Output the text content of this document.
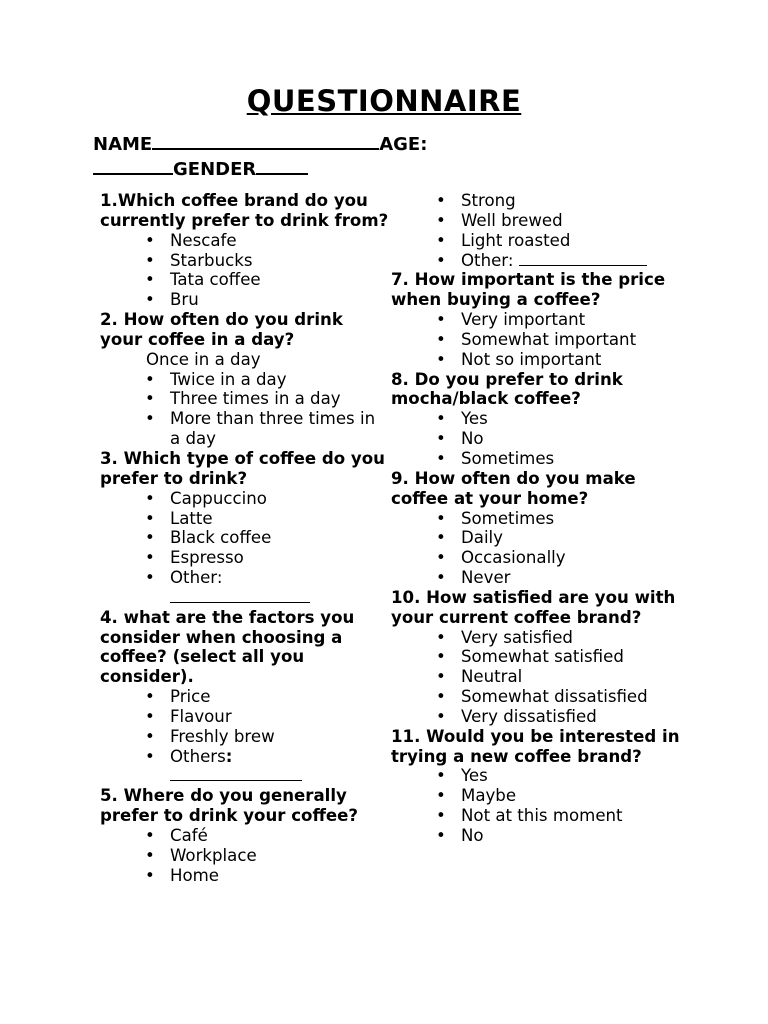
QUESTIONNAIRE
NAME	AGE:
GENDER
1.Which coffee brand do you currently prefer to drink from?
• Nescafe
• Starbucks
• Tata coffee
• Bru
2. How often do you drink your coffee in a day?
Once in a day
• Twice in a day
• Three times in a day
• More than three times in a day
3. Which type of coffee do you prefer to drink?
• Cappuccino
• Latte
• Black coffee
• Espresso
• Other:

4. what are the factors you consider when choosing a coffee? (select all you consider).
• Price
• Flavour
• Freshly brew
• Others:

5. Where do you generally prefer to drink your coffee?
• Café
• Workplace
• Home
• Strong
• Well brewed
• Light roasted
• Other:
7. How important is the price when buying a coffee?
• Very important
• Somewhat important
• Not so important
8. Do you prefer to drink mocha/black coffee?
• Yes
• No
• Sometimes
9. How often do you make coffee at your home?
• Sometimes
• Daily
• Occasionally
• Never
10. How satisfied are you with your current coffee brand?
• Very satisfied
• Somewhat satisfied
• Neutral
• Somewhat dissatisfied
• Very dissatisfied
11. Would you be interested in trying a new coffee brand?
• Yes
• Maybe
• Not at this moment
• No
